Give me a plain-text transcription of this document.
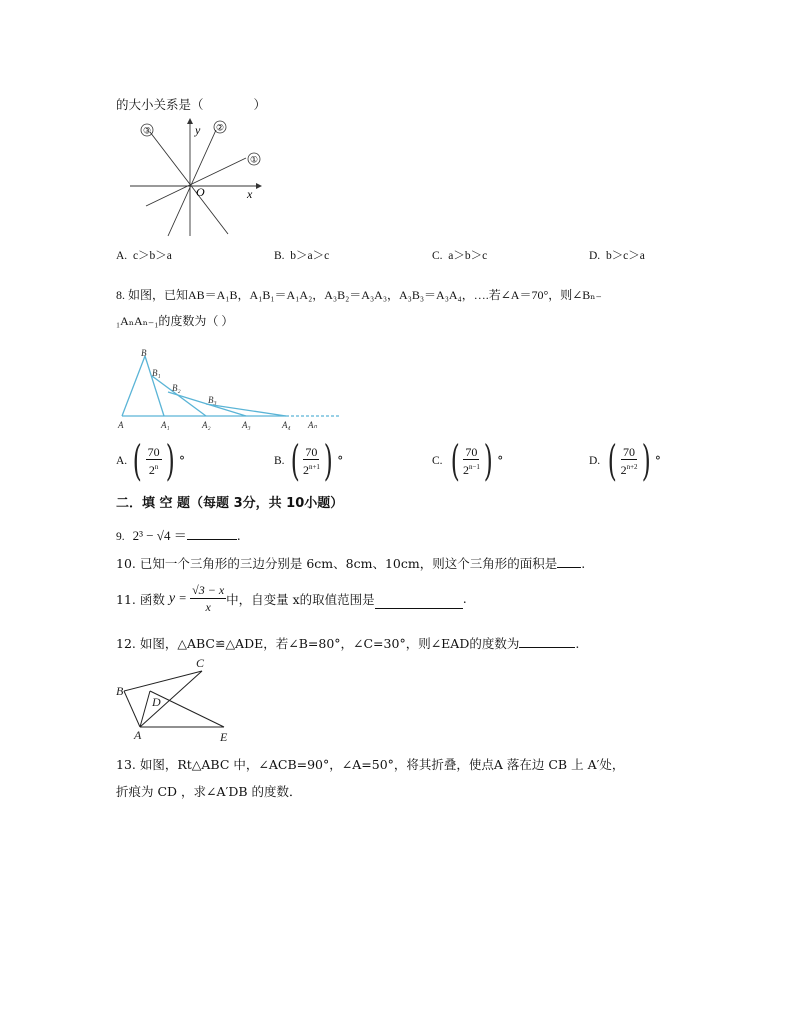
的大小关系是（　　　　）
③	②
①
y
x
O
A. c＞b＞a	B. b＞a＞c	C. a＞b＞c	D. b＞c＞a
8. 如图，已知AB＝A₁B，A₁B₁＝A₁A₂，A₃B₂＝A₃A₃，A₃B₃＝A₃A₄，….若∠A＝70°，则∠Bₙ₋
₁AₙAₙ₋₁的度数为（ ）
B
B₁
B₂
B₃
A	A₁	A₂	A₃	A₄ Aₙ
A. ( $\frac{70}{2^n}$ ) °	B. ( $\frac{70}{2^{n+1}}$ ) °	C. ( $\frac{70}{2^{n-1}}$ ) °	D. ( $\frac{70}{2^{n+2}}$ ) °
二．填 空 题（每题 3分，共 10小题）
9. 2³ − √4 ＝	.
10. 已知一个三角形的三边分别是 6cm、8cm、10cm，则这个三角形的面积是 .
11. 函数 $y = \frac{√3 - x}{x}$ 中，自变量 x的取值范围是	.
12. 如图，△ABC≌△ADE，若∠B=80°，∠C=30°，则∠EAD的度数为	.
C
B
D
A	E
13. 如图，Rt△ABC 中，∠ACB=90°，∠A=50°，将其折叠，使点A 落在边 CB 上 A′处，
折痕为 CD ，求∠A′DB 的度数．
